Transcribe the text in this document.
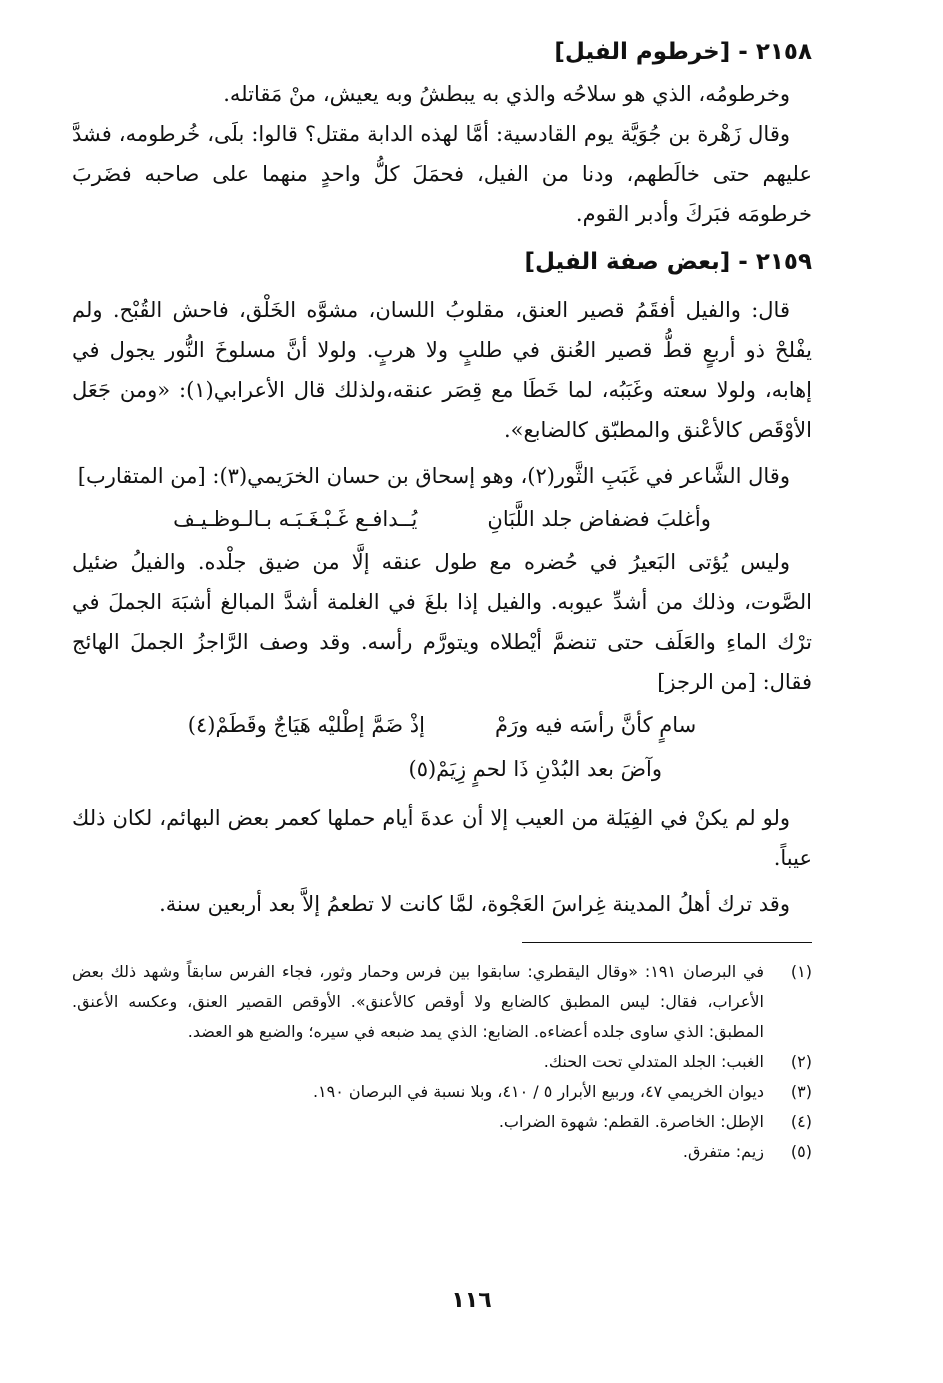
٢١٥٨ - [خرطوم الفيل]

وخرطومُه، الذي هو سلاحُه والذي به يبطشُ وبه يعيش، منْ مَقاتله.

وقال زَهْرة بن جُوَيَّة يوم القادسية: أمَّا لهذه الدابة مقتل؟ قالوا: بلَى، خُرطومه، فشدَّ عليهم حتى خالَطهم، ودنا من الفيل، فحمَلَ كلُّ واحدٍ منهما على صاحبه فضَربَ خرطومَه فبَركَ وأدبر القوم.

٢١٥٩ - [بعض صفة الفيل]

قال: والفيل أفقَمُ قصير العنق، مقلوبُ اللسان، مشوَّه الخَلْق، فاحش القُبْح. ولم يفْلحْ ذو أربعٍ قطُّ قصير العُنق في طلبٍ ولا هربٍ. ولولا أنَّ مسلوخَ النُّور يجول في إهابه، ولولا سعته وغَبَبُه، لما خَطَا مع قِصَر عنقه،ولذلك قال الأعرابي(١): «ومن جَعَل الأوْقَص كالأعْنق والمطبّق كالضابع».

وقال الشَّاعر في غَبَبِ الثَّور(٢)، وهو إسحاق بن حسان الخرَيمي(٣): [من المتقارب]

وأغلبَ فضفاض جلد اللَّبَانِ
يُــدافـع غَـبْـغَـبَـه بـالـوظـيـف

وليس يُؤتى البَعيرُ في حُضره مع طول عنقه إلَّا من ضيق جلْده. والفيلُ ضئيل الصَّوت، وذلك من أشدِّ عيوبه. والفيل إذا بلغَ في الغلمة أشدَّ المبالغ أشبَهَ الجملَ في ترْك الماءِ والعَلَف حتى تنضمَّ أيْطلاه ويتورَّم رأسه. وقد وصف الرَّاجزُ الجملَ الهائج فقال: [من الرجز]

سامٍ كأنَّ رأسَه فيه ورَمْ
إذْ ضَمَّ إطْليْه هَيَاجٌ وقَطَمْ(٤)
وآضَ بعد البُدْنِ ذَا لحمٍ زِيَمْ(٥)

ولو لم يكنْ في الفِيَلة من العيب إلا أن عدةَ أيام حملها كعمر بعض البهائم، لكان ذلك عيباً.

وقد ترك أهلُ المدينة غِراسَ العَجْوة، لمَّا كانت لا تطعمُ إلاَّ بعد أربعين سنة.

(١)
في البرصان ١٩١: «وقال اليقطري: سابقوا بين فرس وحمار وثور، فجاء الفرس سابقاً وشهد ذلك بعض الأعراب، فقال: ليس المطبق كالضابع ولا أوقص كالأعنق». الأوقص القصير العنق، وعكسه الأعنق. المطبق: الذي ساوى جلده أعضاءه. الضابع: الذي يمد ضبعه في سيره؛ والضبع هو العضد.
(٢)
الغبب: الجلد المتدلي تحت الحنك.
(٣)
ديوان الخريمي ٤٧، وربيع الأبرار ٥ / ٤١٠، وبلا نسبة في البرصان ١٩٠.
(٤)
الإطل: الخاصرة. القطم: شهوة الضراب.
(٥)
زيم: متفرق.
١١٦
